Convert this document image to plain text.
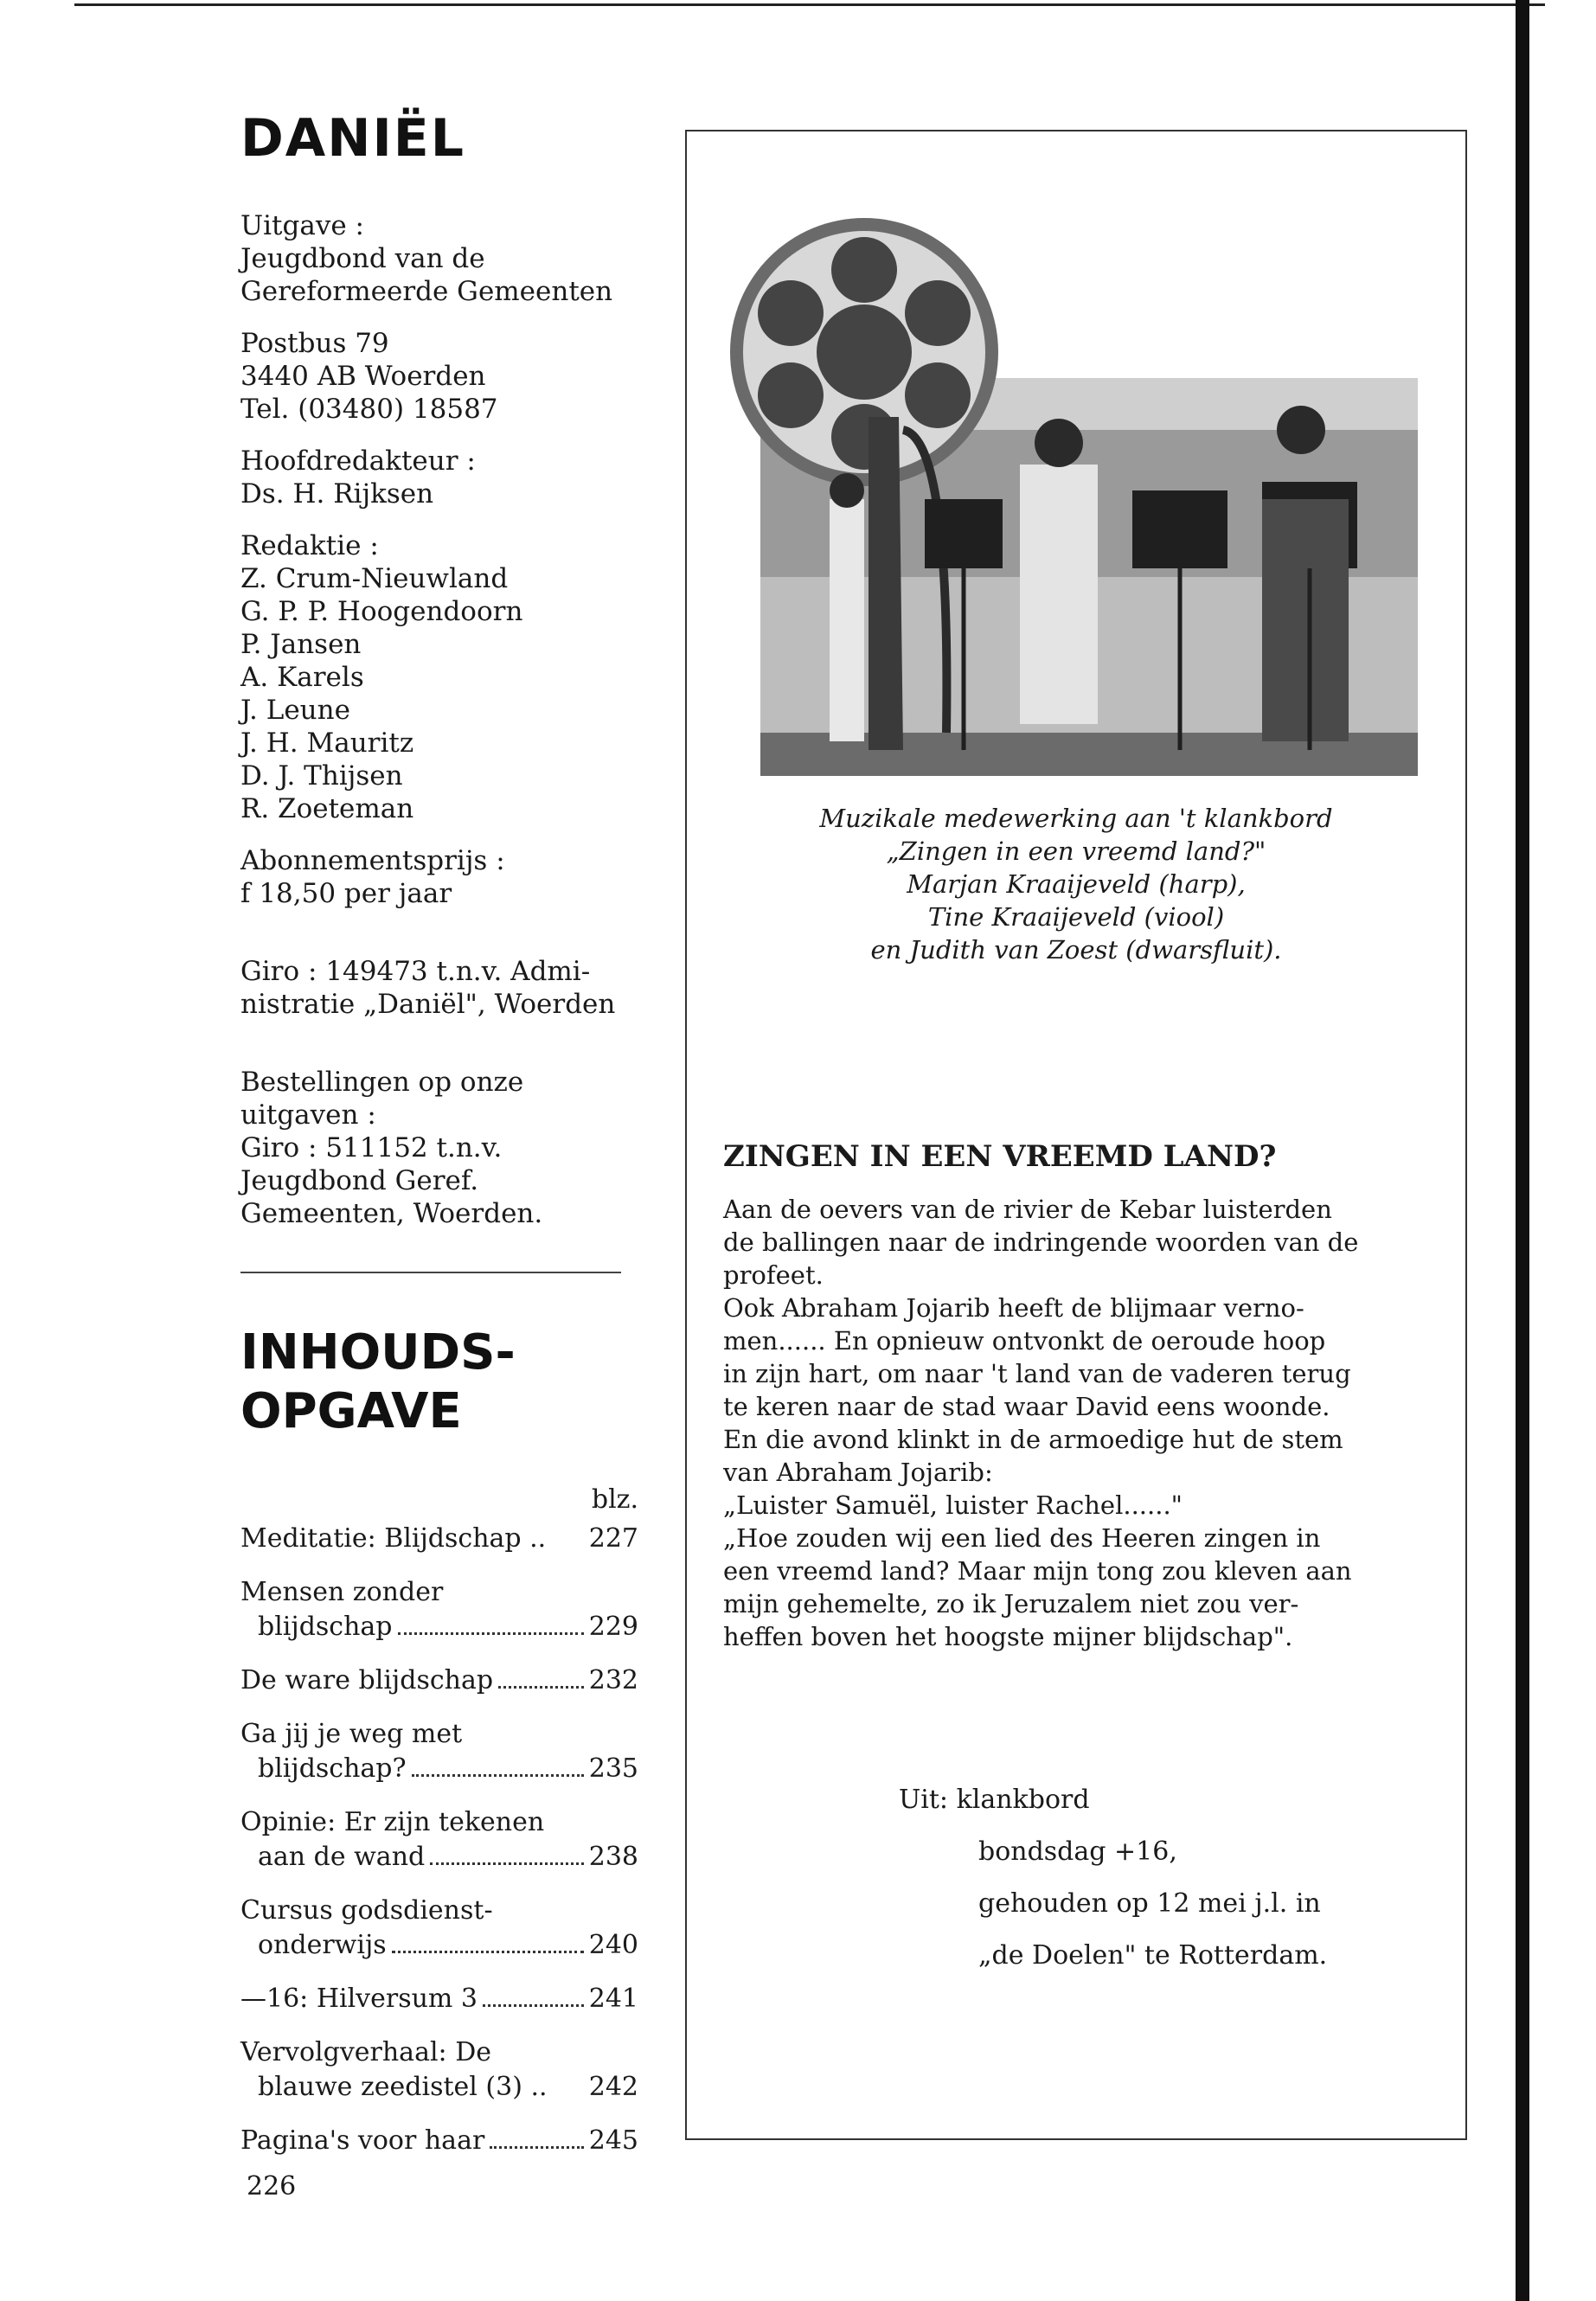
DANIËL
Uitgave :
Jeugdbond van de
Gereformeerde Gemeenten
Postbus 79
3440 AB Woerden
Tel. (03480) 18587
Hoofdredakteur :
Ds. H. Rijksen
Redaktie :
Z. Crum-Nieuwland
G. P. P. Hoogendoorn
P. Jansen
A. Karels
J. Leune
J. H. Mauritz
D. J. Thijsen
R. Zoeteman
Abonnementsprijs :
f 18,50 per jaar
Giro : 149473 t.n.v. Admi-
nistratie „Daniël", Woerden
Bestellingen op onze
uitgaven :
Giro : 511152 t.n.v.
Jeugdbond Geref.
Gemeenten, Woerden.
INHOUDS-
OPGAVE
blz.
Meditatie: Blijdschap .. 227
Mensen zonder
blijdschap	229
De ware blijdschap	232
Ga jij je weg met
blijdschap?	235
Opinie: Er zijn tekenen
aan de wand	238
Cursus godsdienst-
onderwijs	240
—16: Hilversum 3	241
Vervolgverhaal: De
blauwe zeedistel (3) .. 242
Pagina's voor haar	245
226
Muzikale medewerking aan 't klankbord
„Zingen in een vreemd land?"
Marjan Kraaijeveld (harp),
Tine Kraaijeveld (viool)
en Judith van Zoest (dwarsfluit).
ZINGEN IN EEN VREEMD LAND?
Aan de oevers van de rivier de Kebar luisterden
de ballingen naar de indringende woorden van de
profeet.
Ook Abraham Jojarib heeft de blijmaar verno-
men...... En opnieuw ontvonkt de oeroude hoop
in zijn hart, om naar 't land van de vaderen terug
te keren naar de stad waar David eens woonde.
En die avond klinkt in de armoedige hut de stem
van Abraham Jojarib:
„Luister Samuël, luister Rachel......"
„Hoe zouden wij een lied des Heeren zingen in
een vreemd land? Maar mijn tong zou kleven aan
mijn gehemelte, zo ik Jeruzalem niet zou ver-
heffen boven het hoogste mijner blijdschap".
Uit: klankbord
bondsdag +16,
gehouden op 12 mei j.l. in
„de Doelen" te Rotterdam.
